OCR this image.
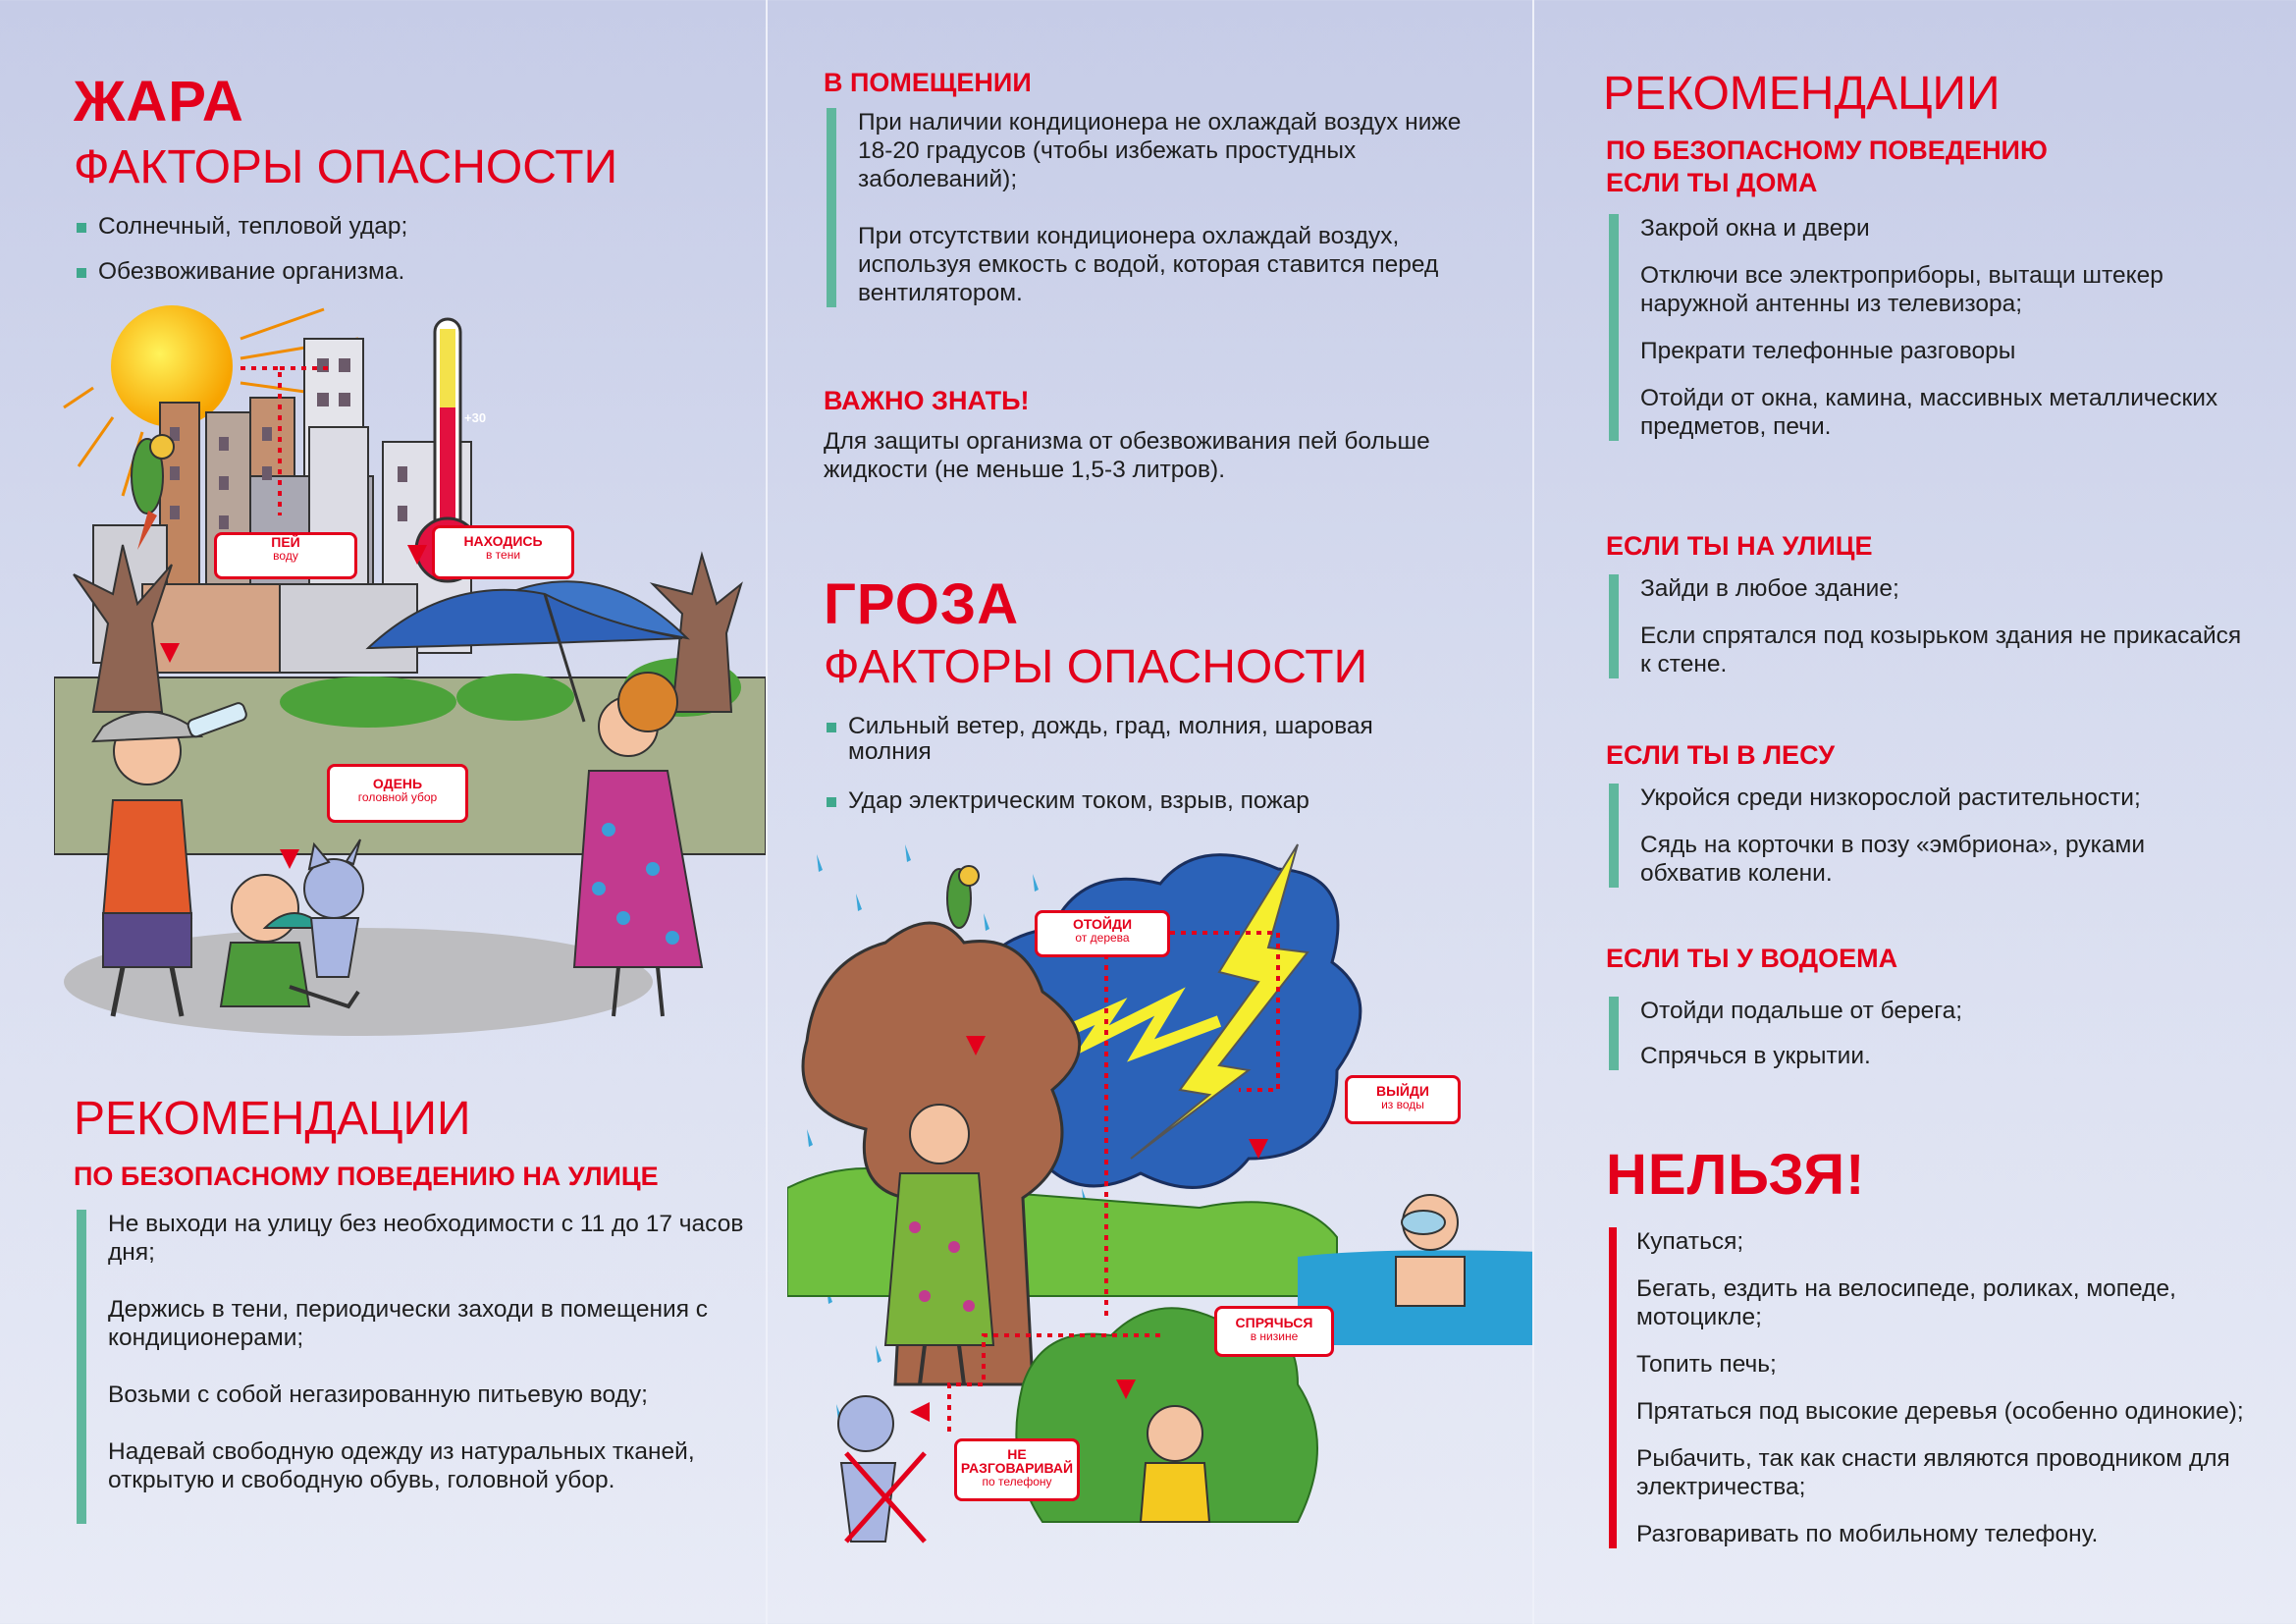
ЖАРА
ФАКТОРЫ ОПАСНОСТИ
Солнечный, тепловой удар;
Обезвоживание организма.
+30
ПЕЙ
воду
НАХОДИСЬ
в тени
ОДЕНЬ
головной убор
РЕКОМЕНДАЦИИ
ПО БЕЗОПАСНОМУ ПОВЕДЕНИЮ НА УЛИЦЕ

Не выходи на улицу без необходимости с 11 до 17 часов дня;

Держись в тени, периодически заходи в помещения с кондиционерами;

Возьми с собой негазированную питьевую воду;

Надевай свободную одежду из натуральных тканей, открытую и свободную обувь, головной убор.

В ПОМЕЩЕНИИ

При наличии кондиционера не охлаждай воздух ниже 18-20 градусов (чтобы избежать простудных заболеваний);

При отсутствии кондиционера охлаждай воздух, используя емкость с водой, которая ставится перед вентилятором.

ВАЖНО ЗНАТЬ!
Для защиты организма от обезвоживания пей больше жидкости (не меньше 1,5-3 литров).
ГРОЗА
ФАКТОРЫ ОПАСНОСТИ
Сильный ветер, дождь, град, молния, шаровая молния
Удар электрическим током, взрыв, пожар
ОТОЙДИ
от дерева
ВЫЙДИ
из воды
СПРЯЧЬСЯ
в низине
НЕ РАЗГОВАРИВАЙ
по телефону
РЕКОМЕНДАЦИИ
ПО БЕЗОПАСНОМУ ПОВЕДЕНИЮ ЕСЛИ ТЫ ДОМА

Закрой окна и двери

Отключи все электроприборы, вытащи штекер наружной антенны из телевизора;

Прекрати телефонные разговоры

Отойди от окна, камина, массивных металлических предметов, печи.

ЕСЛИ ТЫ НА УЛИЦЕ

Зайди в любое здание;

Если спрятался под козырьком здания не прикасайся к стене.

ЕСЛИ ТЫ В ЛЕСУ

Укройся среди низкорослой растительности;

Сядь на корточки в позу «эмбриона», руками обхватив колени.

ЕСЛИ ТЫ У ВОДОЕМА

Отойди подальше от берега;

Спрячься в укрытии.

НЕЛЬЗЯ!

Купаться;

Бегать, ездить на велосипеде, роликах, мопеде, мотоцикле;

Топить печь;

Прятаться под высокие деревья (особенно одинокие);

Рыбачить, так как снасти являются проводником для электричества;

Разговаривать по мобильному телефону.
